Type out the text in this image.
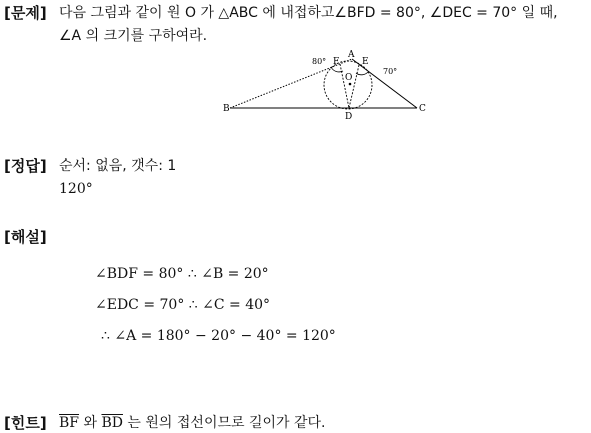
[문제] 다음 그림과 같이 원 O 가 △ABC 에 내접하고∠BFD = 80°, ∠DEC = 70° 일 때,
∠A 의 크기를 구하여라.
A
B	C
D
E
F
O
80°
70°
[정답] 순서: 없음, 갯수: 1
120°
[해설]
∠BDF = 80° ∴ ∠B = 20°
∠EDC = 70° ∴ ∠C = 40°
∴ ∠A = 180° − 20° − 40° = 120°
[힌트] $\overline{BF}$ 와 $\overline{BD}$ 는 원의 접선이므로 길이가 같다.
